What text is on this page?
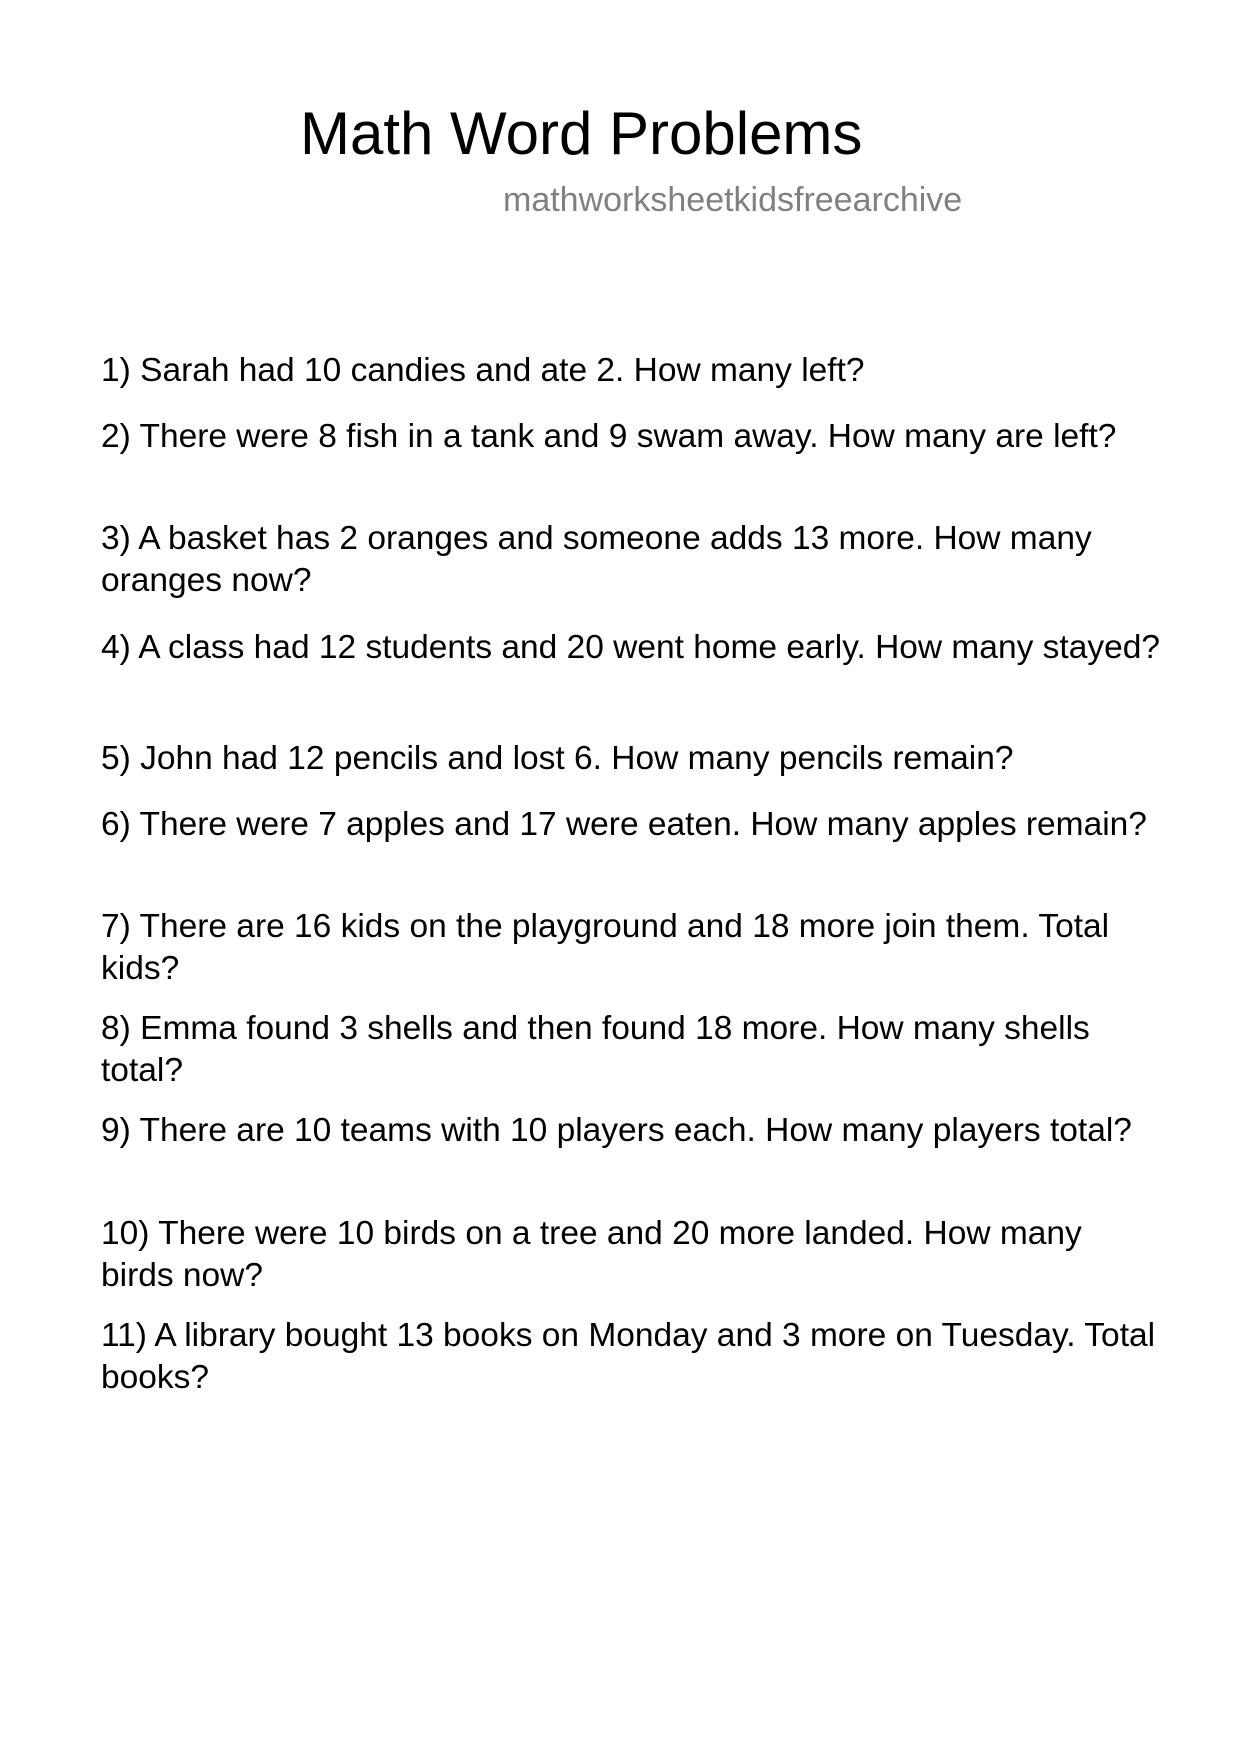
Math Word Problems
mathworksheetkidsfreearchive

1) Sarah had 10 candies and ate 2. How many left?

2) There were 8 fish in a tank and 9 swam away. How many are left?

3) A basket has 2 oranges and someone adds 13 more. How many oranges now?

4) A class had 12 students and 20 went home early. How many stayed?

5) John had 12 pencils and lost 6. How many pencils remain?

6) There were 7 apples and 17 were eaten. How many apples remain?

7) There are 16 kids on the playground and 18 more join them. Total kids?

8) Emma found 3 shells and then found 18 more. How many shells total?

9) There are 10 teams with 10 players each. How many players total?

10) There were 10 birds on a tree and 20 more landed. How many birds now?

11) A library bought 13 books on Monday and 3 more on Tuesday. Total books?
